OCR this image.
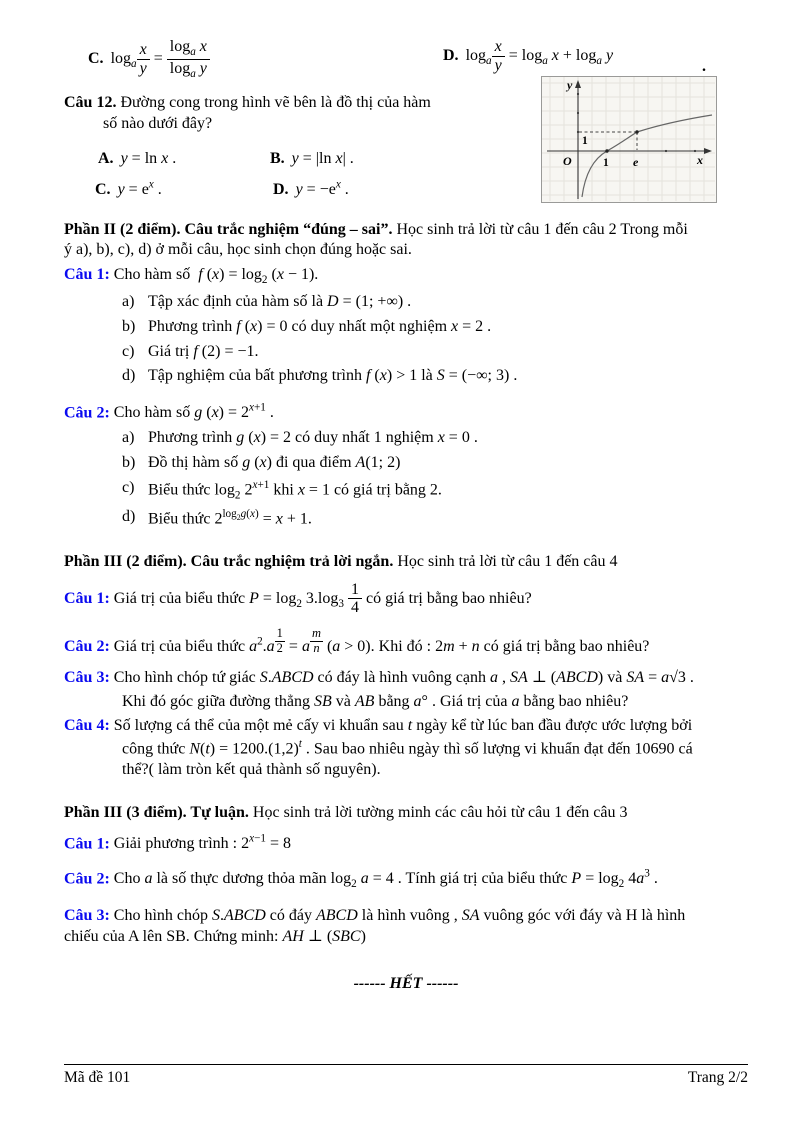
C. $\log_a \frac{x}{y} = \frac{\log_a x}{\log_a y}$	D. $\log_a \frac{x}{y} = \log_a x + \log_a y$
Câu 12. Đường cong trong hình vẽ bên là đồ thị của hàm
số nào dưới đây?
A. y = ln x .	B. y = |ln x| .
C. $y = e^x$ .	D. $y = -e^x$ .
Phần II (2 điểm). Câu trắc nghiệm “đúng – sai”. Học sinh trả lời từ câu 1 đến câu 2 Trong mỗi
ý a), b), c), d) ở mỗi câu, học sinh chọn đúng hoặc sai.
Câu 1: Cho hàm số  f $(x) = \log_2 (x - 1)$.
a) Tập xác định của hàm số là D = (1; +∞) .
b) Phương trình f (x) = 0 có duy nhất một nghiệm x = 2 .
c) Giá trị f (2) = −1.
d) Tập nghiệm của bất phương trình f (x) > 1 là S = (−∞; 3) .
Câu 2: Cho hàm số g $(x) = 2^{x+1}$ .
a) Phương trình g (x) = 2 có duy nhất 1 nghiệm x = 0 .
b) Đồ thị hàm số g (x) đi qua điểm A(1; 2)
c) Biểu thức $\log_2 2^{x+1}$ khi x = 1 có giá trị bằng 2.
d) Biểu thức $2^{log_2g(x)} = x + 1$.
Phần III (2 điểm). Câu trắc nghiệm trả lời ngắn. Học sinh trả lời từ câu 1 đến câu 4
Câu 1: Giá trị của biểu thức $P = \log_2 3.\log_3 \frac{1}{4}$ có giá trị bằng bao nhiêu?
Câu 2: Giá trị của biểu thức $a^2.a$ $^{\frac{1}{2}}$ = a $^{\frac{m}{n}}$ (a > 0). Khi đó : 2m + n có giá trị bằng bao nhiêu?
Câu 3: Cho hình chóp tứ giác S.ABCD có đáy là hình vuông cạnh a , SA ⊥ (ABCD) và SA = a√3 .
Khi đó góc giữa đường thẳng SB và AB bằng a° . Giá trị của a bằng bao nhiêu?
Câu 4: Số lượng cá thể của một mẻ cấy vi khuẩn sau t ngày kể từ lúc ban đầu được ước lượng bởi
công thức $N(t) = 1200.(1,2)^t$ . Sau bao nhiêu ngày thì số lượng vi khuẩn đạt đến 10690 cá
thể?( làm tròn kết quả thành số nguyên).
Phần III (3 điểm). Tự luận. Học sinh trả lời tường minh các câu hỏi từ câu 1 đến câu 3
Câu 1: Giải phương trình : $2^{x-1} = 8$
Câu 2: Cho a là số thực dương thỏa mãn $\log_2 a = 4$ . Tính giá trị của biểu thức $P = \log_2 4a^3$ .
Câu 3: Cho hình chóp S.ABCD có đáy ABCD là hình vuông , SA vuông góc với đáy và H là hình
chiếu của A lên SB. Chứng minh: AH ⊥ (SBC)
------ HẾT ------
.
y
x
O	1 e
1
Mã đề 101	Trang 2/2
